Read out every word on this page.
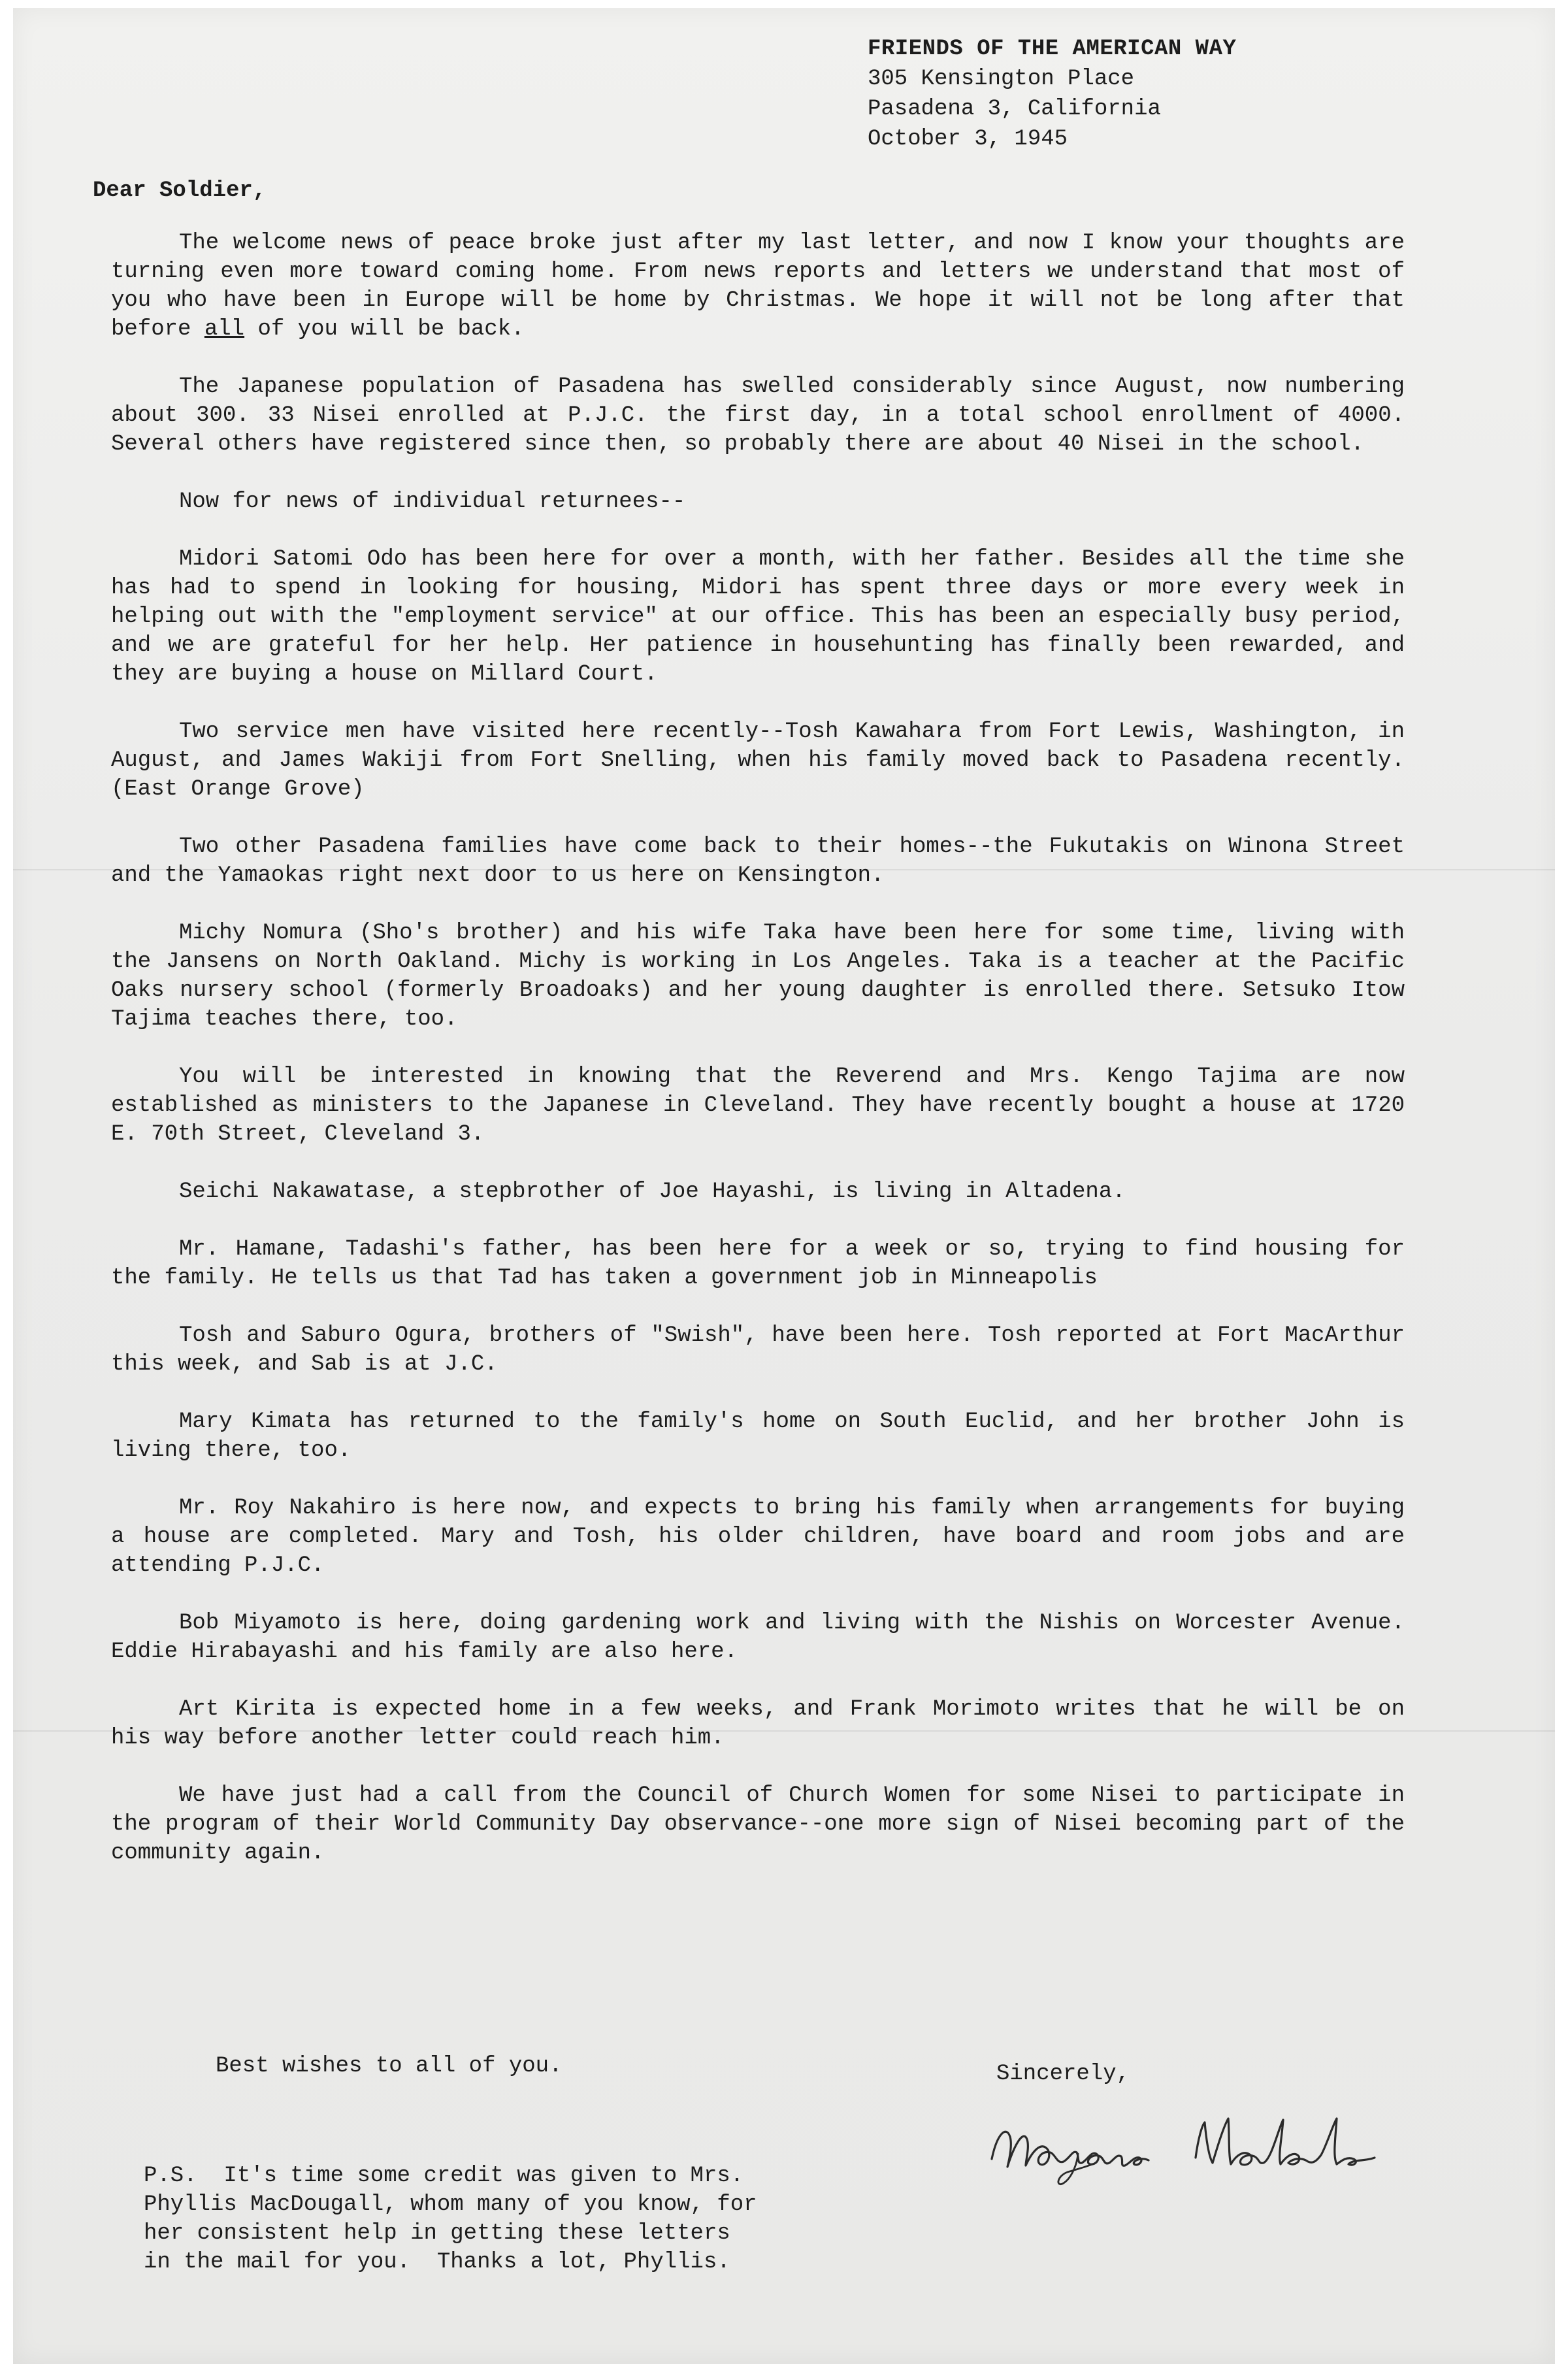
FRIENDS OF THE AMERICAN WAY
305 Kensington Place
Pasadena 3, California
October 3, 1945
Dear Soldier,

The welcome news of peace broke just after my last letter, and now I know your thoughts are turning even more toward coming home. From news reports and letters we understand that most of you who have been in Europe will be home by Christmas. We hope it will not be long after that before all of you will be back.

The Japanese population of Pasadena has swelled considerably since August, now numbering about 300. 33 Nisei enrolled at P.J.C. the first day, in a total school enrollment of 4000. Several others have registered since then, so probably there are about 40 Nisei in the school.

Now for news of individual returnees--

Midori Satomi Odo has been here for over a month, with her father. Besides all the time she has had to spend in looking for housing, Midori has spent three days or more every week in helping out with the "employment service" at our office. This has been an especially busy period, and we are grateful for her help. Her patience in househunting has finally been rewarded, and they are buying a house on Millard Court.

Two service men have visited here recently--Tosh Kawahara from Fort Lewis, Washington, in August, and James Wakiji from Fort Snelling, when his family moved back to Pasadena recently. (East Orange Grove)

Two other Pasadena families have come back to their homes--the Fukutakis on Winona Street and the Yamaokas right next door to us here on Kensington.

Michy Nomura (Sho's brother) and his wife Taka have been here for some time, living with the Jansens on North Oakland. Michy is working in Los Angeles. Taka is a teacher at the Pacific Oaks nursery school (formerly Broadoaks) and her young daughter is enrolled there. Setsuko Itow Tajima teaches there, too.

You will be interested in knowing that the Reverend and Mrs. Kengo Tajima are now established as ministers to the Japanese in Cleveland. They have recently bought a house at 1720 E. 70th Street, Cleveland 3.

Seichi Nakawatase, a stepbrother of Joe Hayashi, is living in Altadena.

Mr. Hamane, Tadashi's father, has been here for a week or so, trying to find housing for the family. He tells us that Tad has taken a government job in Minneapolis

Tosh and Saburo Ogura, brothers of "Swish", have been here. Tosh reported at Fort MacArthur this week, and Sab is at J.C.

Mary Kimata has returned to the family's home on South Euclid, and her brother John is living there, too.

Mr. Roy Nakahiro is here now, and expects to bring his family when arrangements for buying a house are completed. Mary and Tosh, his older children, have board and room jobs and are attending P.J.C.

Bob Miyamoto is here, doing gardening work and living with the Nishis on Worcester Avenue. Eddie Hirabayashi and his family are also here.

Art Kirita is expected home in a few weeks, and Frank Morimoto writes that he will be on his way before another letter could reach him.

We have just had a call from the Council of Church Women for some Nisei to participate in the program of their World Community Day observance--one more sign of Nisei becoming part of the community again.

Best wishes to all of you.	Sincerely,
P.S.  It's time some credit was given to Mrs.
Phyllis MacDougall, whom many of you know, for
her consistent help in getting these letters
in the mail for you.  Thanks a lot, Phyllis.
